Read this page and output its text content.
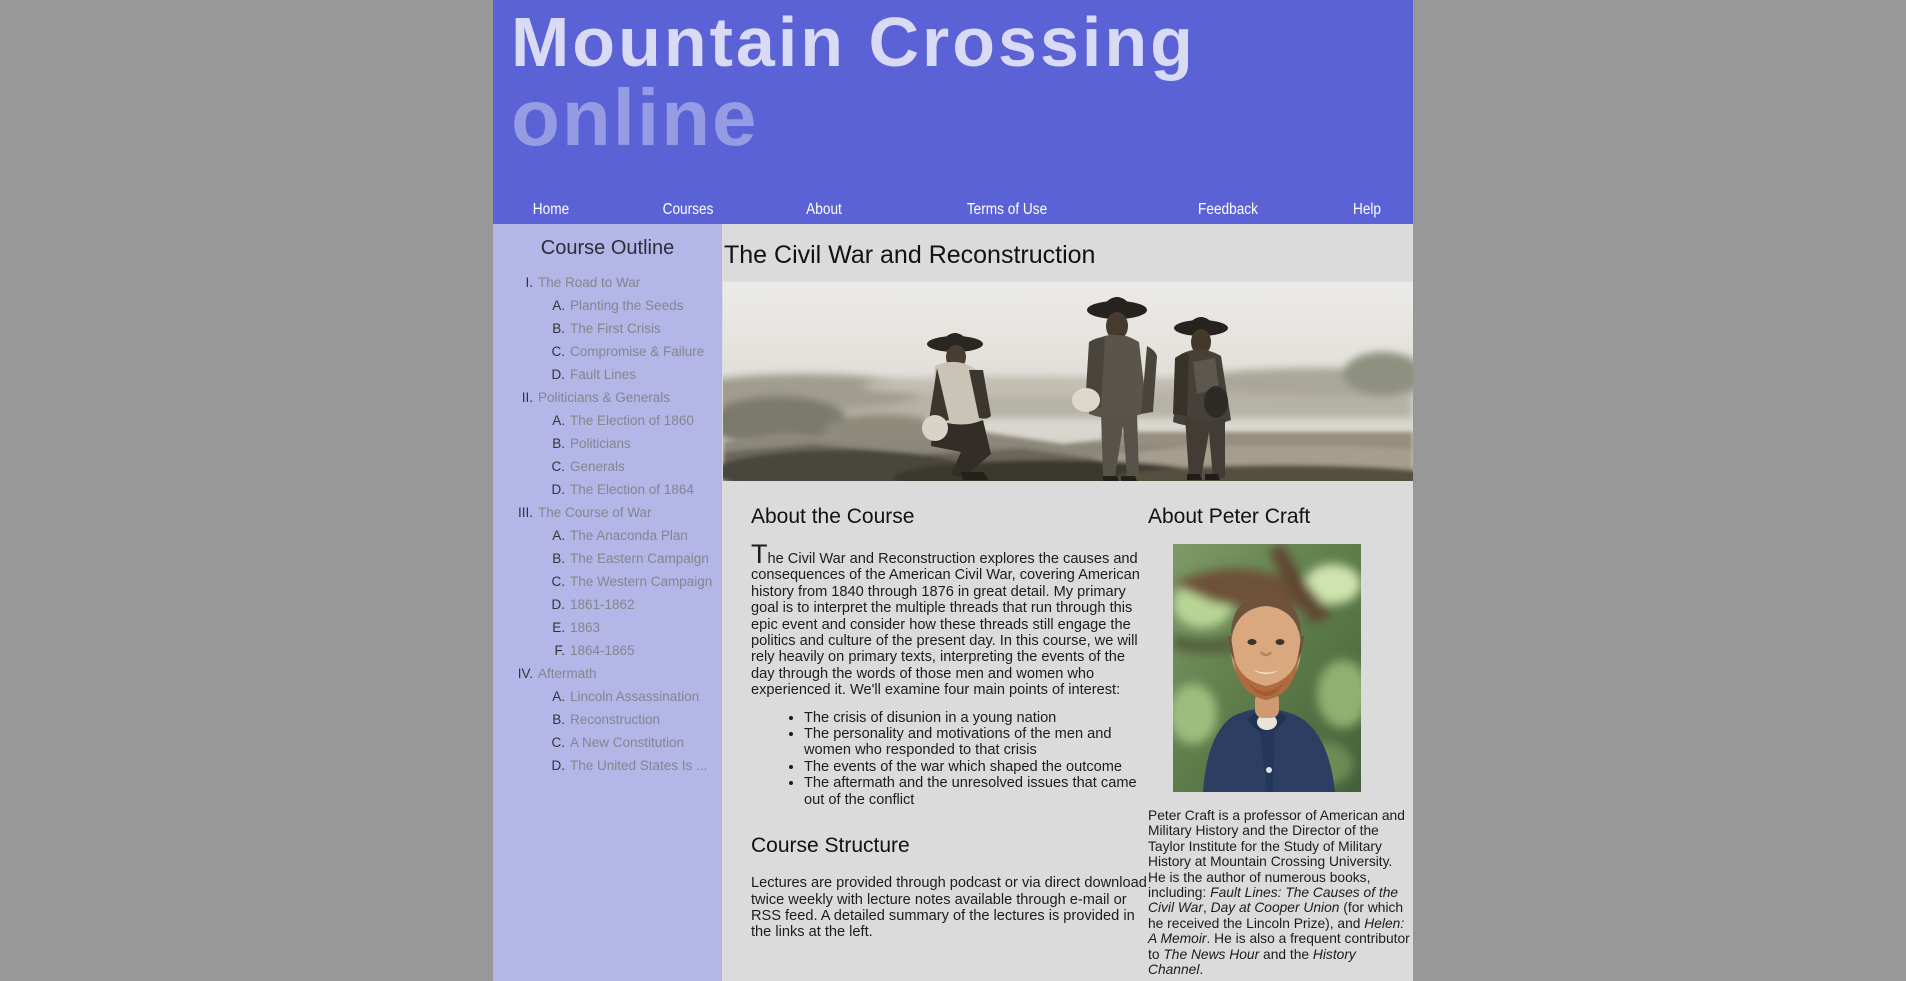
Mountain Crossing
online
Home	Courses	About	Terms of Use	Feedback	Help
Course Outline
I. The Road to War
A. Planting the Seeds
B. The First Crisis
C. Compromise & Failure
D. Fault Lines
II. Politicians & Generals
A. The Election of 1860
B. Politicians
C. Generals
D. The Election of 1864
III. The Course of War
A. The Anaconda Plan
B. The Eastern Campaign
C. The Western Campaign
D. 1861-1862
E. 1863
F. 1864-1865
IV. Aftermath
A. Lincoln Assassination
B. Reconstruction
C. A New Constitution
D. The United States Is ...
The Civil War and Reconstruction
About the Course

The Civil War and Reconstruction explores the causes and consequences of the American Civil War, covering American history from 1840 through 1876 in great detail. My primary goal is to interpret the multiple threads that run through this epic event and consider how these threads still engage the politics and culture of the present day. In this course, we will rely heavily on primary texts, interpreting the events of the day through the words of those men and women who experienced it. We'll examine four main points of interest:

• The crisis of disunion in a young nation
• The personality and motivations of the men and women who responded to that crisis
• The events of the war which shaped the outcome
• The aftermath and the unresolved issues that came out of the conflict
Course Structure

Lectures are provided through podcast or via direct download twice weekly with lecture notes available through e-mail or RSS feed. A detailed summary of the lectures is provided in the links at the left.

About Peter Craft

Peter Craft is a professor of American and Military History and the Director of the Taylor Institute for the Study of Military History at Mountain Crossing University. He is the author of numerous books, including: Fault Lines: The Causes of the Civil War, Day at Cooper Union (for which he received the Lincoln Prize), and Helen: A Memoir. He is also a frequent contributor to The News Hour and the History Channel.
